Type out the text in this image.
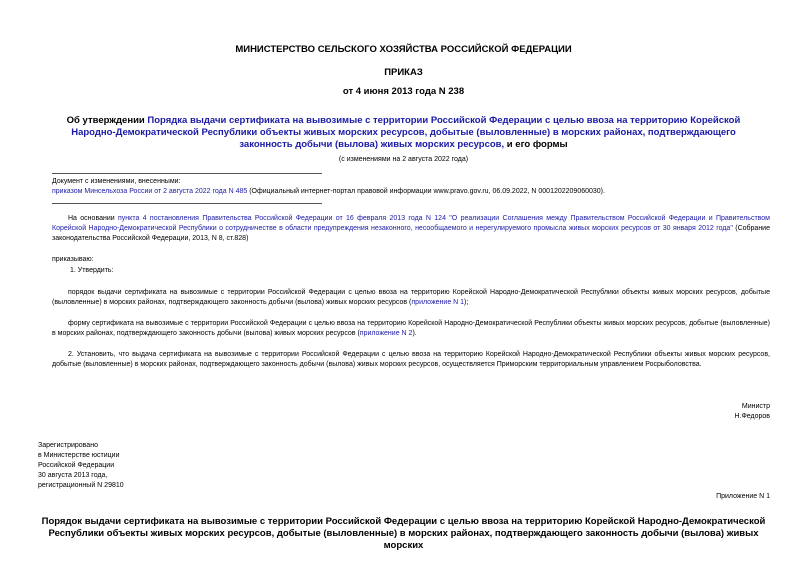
МИНИСТЕРСТВО СЕЛЬСКОГО ХОЗЯЙСТВА РОССИЙСКОЙ ФЕДЕРАЦИИ
ПРИКАЗ
от 4 июня 2013 года N 238
Об утверждении Порядка выдачи сертификата на вывозимые с территории Российской Федерации с целью ввоза на территорию Корейской Народно-Демократической Республики объекты живых морских ресурсов, добытые (выловленные) в морских районах, подтверждающего законность добычи (вылова) живых морских ресурсов, и его формы
(с изменениями на 2 августа 2022 года)
Документ с изменениями, внесенными:
приказом Минсельхоза России от 2 августа 2022 года N 485 (Официальный интернет-портал правовой информации www.pravo.gov.ru, 06.09.2022, N 0001202209060030).
На основании пункта 4 постановления Правительства Российской Федерации от 16 февраля 2013 года N 124 "О реализации Соглашения между Правительством Российской Федерации и Правительством Корейской Народно-Демократической Республики о сотрудничестве в области предупреждения незаконного, несообщаемого и нерегулируемого промысла живых морских ресурсов от 30 января 2012 года" (Собрание законодательства Российской Федерации, 2013, N 8, ст.828)
приказываю:
1. Утвердить:
порядок выдачи сертификата на вывозимые с территории Российской Федерации с целью ввоза на территорию Корейской Народно-Демократической Республики объекты живых морских ресурсов, добытые (выловленные) в морских районах, подтверждающего законность добычи (вылова) живых морских ресурсов (приложение N 1);
форму сертификата на вывозимые с территории Российской Федерации с целью ввоза на территорию Корейской Народно-Демократической Республики объекты живых морских ресурсов, добытые (выловленные) в морских районах, подтверждающего законность добычи (вылова) живых морских ресурсов (приложение N 2).
2. Установить, что выдача сертификата на вывозимые с территории Российской Федерации с целью ввоза на территорию Корейской Народно-Демократической Республики объекты живых морских ресурсов, добытые (выловленные) в морских районах, подтверждающего законность добычи (вылова) живых морских ресурсов, осуществляется Приморским территориальным управлением Росрыболовства.
Министр
Н.Федоров
Зарегистрировано
в Министерстве юстиции
Российской Федерации
30 августа 2013 года,
регистрационный N 29810
Приложение N 1
Порядок выдачи сертификата на вывозимые с территории Российской Федерации с целью ввоза на территорию Корейской Народно-Демократической Республики объекты живых морских ресурсов, добытые (выловленные) в морских районах, подтверждающего законность добычи (вылова) живых морских
